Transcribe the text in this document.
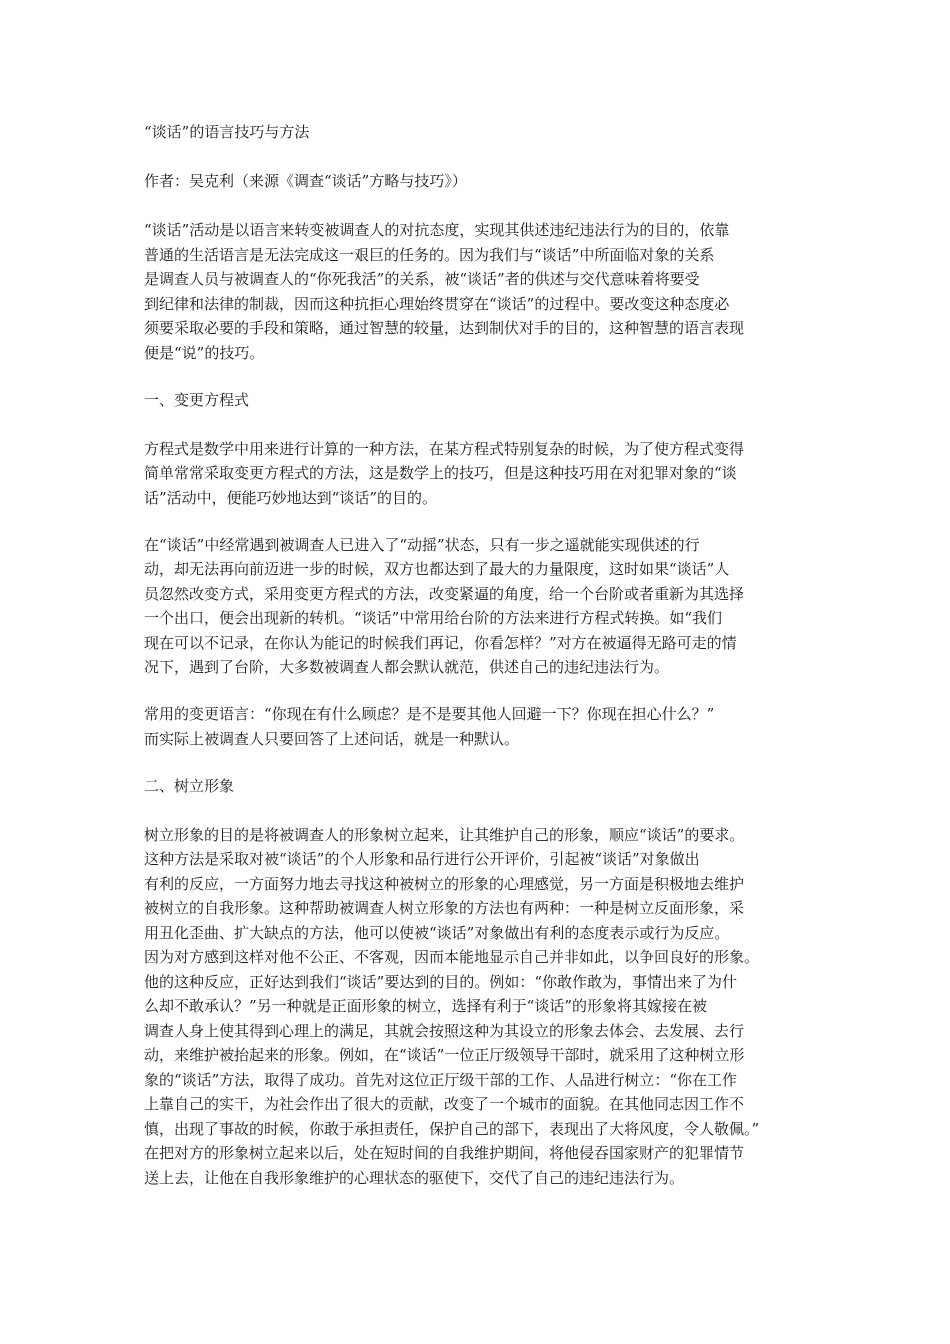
“谈话”的语言技巧与方法
作者：吴克利（来源《调查“谈话”方略与技巧》）
“谈话”活动是以语言来转变被调查人的对抗态度，实现其供述违纪违法行为的目的，依靠
普通的生活语言是无法完成这一艰巨的任务的。因为我们与“谈话”中所面临对象的关系
是调查人员与被调查人的“你死我活”的关系，被“谈话”者的供述与交代意味着将要受
到纪律和法律的制裁，因而这种抗拒心理始终贯穿在“谈话”的过程中。要改变这种态度必
须要采取必要的手段和策略，通过智慧的较量，达到制伏对手的目的，这种智慧的语言表现
便是“说”的技巧。
一、变更方程式
方程式是数学中用来进行计算的一种方法，在某方程式特别复杂的时候，为了使方程式变得
简单常常采取变更方程式的方法，这是数学上的技巧，但是这种技巧用在对犯罪对象的“谈
话”活动中，便能巧妙地达到“谈话”的目的。
在“谈话”中经常遇到被调查人已进入了“动摇”状态，只有一步之遥就能实现供述的行
动，却无法再向前迈进一步的时候，双方也都达到了最大的力量限度，这时如果“谈话”人
员忽然改变方式，采用变更方程式的方法，改变紧逼的角度，给一个台阶或者重新为其选择
一个出口，便会出现新的转机。“谈话”中常用给台阶的方法来进行方程式转换。如“我们
现在可以不记录，在你认为能记的时候我们再记，你看怎样？”对方在被逼得无路可走的情
况下，遇到了台阶，大多数被调查人都会默认就范，供述自己的违纪违法行为。
常用的变更语言：“你现在有什么顾虑？是不是要其他人回避一下？你现在担心什么？”
而实际上被调查人只要回答了上述问话，就是一种默认。
二、树立形象
树立形象的目的是将被调查人的形象树立起来，让其维护自己的形象，顺应“谈话”的要求。
这种方法是采取对被“谈话”的个人形象和品行进行公开评价，引起被“谈话”对象做出
有利的反应，一方面努力地去寻找这种被树立的形象的心理感觉，另一方面是积极地去维护
被树立的自我形象。这种帮助被调查人树立形象的方法也有两种：一种是树立反面形象，采
用丑化歪曲、扩大缺点的方法，他可以使被“谈话”对象做出有利的态度表示或行为反应。
因为对方感到这样对他不公正、不客观，因而本能地显示自己并非如此，以争回良好的形象。
他的这种反应，正好达到我们“谈话”要达到的目的。例如：“你敢作敢为，事情出来了为什
么却不敢承认？”另一种就是正面形象的树立，选择有利于“谈话”的形象将其嫁接在被
调查人身上使其得到心理上的满足，其就会按照这种为其设立的形象去体会、去发展、去行
动，来维护被抬起来的形象。例如，在“谈话”一位正厅级领导干部时，就采用了这种树立形
象的“谈话”方法，取得了成功。首先对这位正厅级干部的工作、人品进行树立：“你在工作
上靠自己的实干，为社会作出了很大的贡献，改变了一个城市的面貌。在其他同志因工作不
慎，出现了事故的时候，你敢于承担责任，保护自己的部下，表现出了大将风度，令人敬佩。”
在把对方的形象树立起来以后，处在短时间的自我维护期间，将他侵吞国家财产的犯罪情节
送上去，让他在自我形象维护的心理状态的驱使下，交代了自己的违纪违法行为。
